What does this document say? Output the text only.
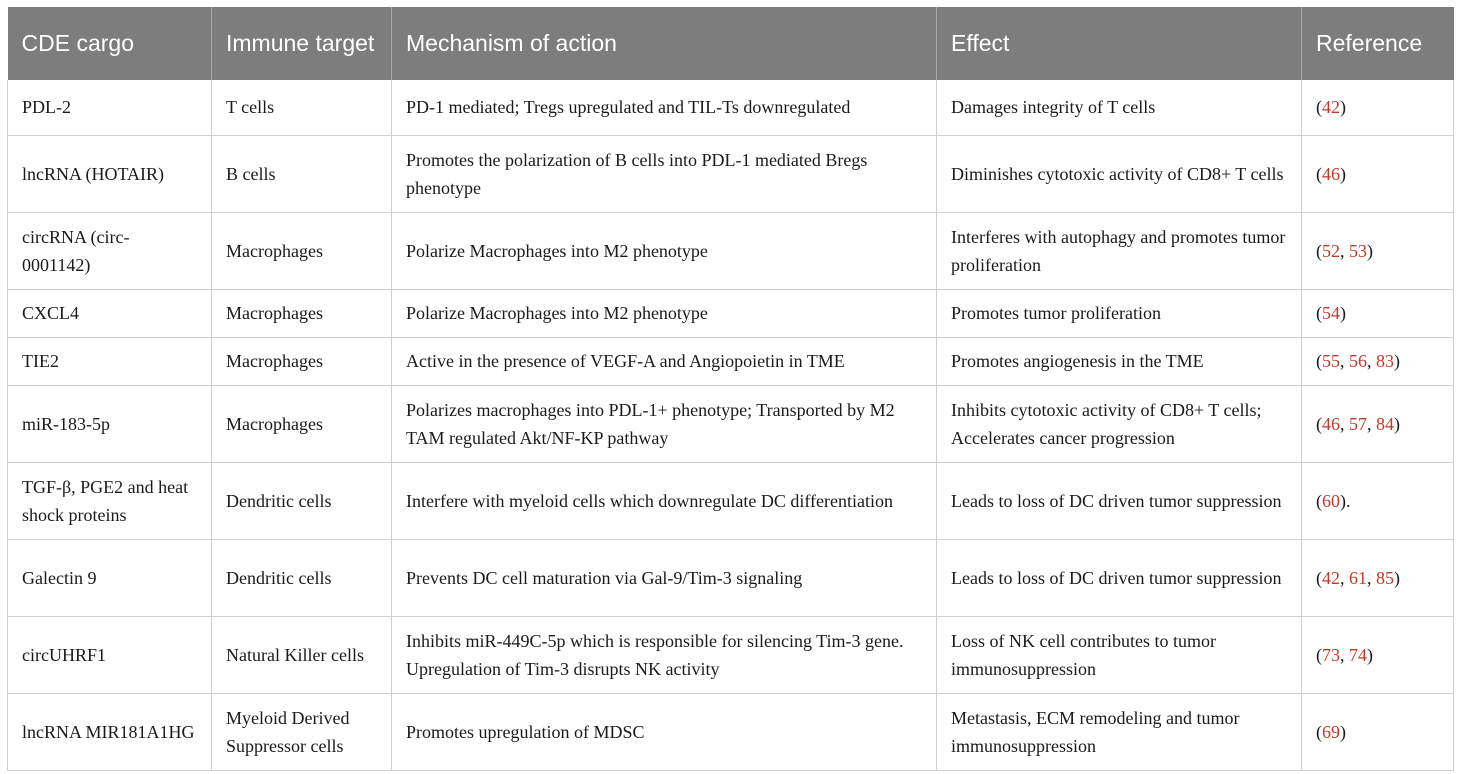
CDE cargo	Immune target	Mechanism of action	Effect	Reference
PDL-2	T cells	PD-1 mediated; Tregs upregulated and TIL-Ts downregulated	Damages integrity of T cells	(42)
lncRNA (HOTAIR)	B cells	Promotes the polarization of B cells into PDL-1 mediated Bregs phenotype	Diminishes cytotoxic activity of CD8+ T cells	(46)
circRNA (circ-0001142)	Macrophages	Polarize Macrophages into M2 phenotype	Interferes with autophagy and promotes tumor proliferation	(52, 53)
CXCL4	Macrophages	Polarize Macrophages into M2 phenotype	Promotes tumor proliferation	(54)
TIE2	Macrophages	Active in the presence of VEGF-A and Angiopoietin in TME	Promotes angiogenesis in the TME	(55, 56, 83)
miR-183-5p	Macrophages	Polarizes macrophages into PDL-1+ phenotype; Transported by M2 TAM regulated Akt/NF-KP pathway	Inhibits cytotoxic activity of CD8+ T cells; Accelerates cancer progression	(46, 57, 84)
TGF-β, PGE2 and heat shock proteins	Dendritic cells	Interfere with myeloid cells which downregulate DC differentiation	Leads to loss of DC driven tumor suppression	(60).
Galectin 9	Dendritic cells	Prevents DC cell maturation via Gal-9/Tim-3 signaling	Leads to loss of DC driven tumor suppression	(42, 61, 85)
circUHRF1	Natural Killer cells	Inhibits miR-449C-5p which is responsible for silencing Tim-3 gene. Upregulation of Tim-3 disrupts NK activity	Loss of NK cell contributes to tumor immunosuppression	(73, 74)
lncRNA MIR181A1HG	Myeloid Derived Suppressor cells	Promotes upregulation of MDSC	Metastasis, ECM remodeling and tumor immunosuppression	(69)
